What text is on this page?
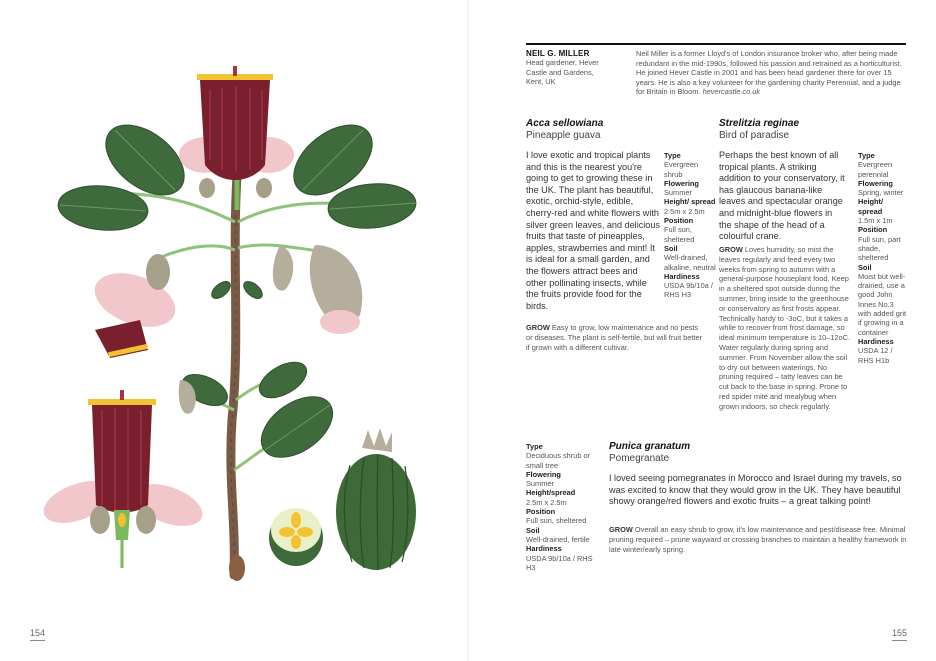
154
NEIL G. MILLER
Head gardener, Hever
Castle and Gardens,
Kent, UK
Neil Miller is a former Lloyd's of London insurance broker who, after being made redundant in the mid-1990s, followed his passion and retrained as a horticulturist. He joined Hever Castle in 2001 and has been head gardener there for over 15 years. He is also a key volunteer for the gardening charity Perennial, and a judge for Britain in Bloom. hevercastle.co.uk
Acca sellowiana
Pineapple guava
I love exotic and tropical plants and this is the nearest you're going to get to growing these in the UK. The plant has beautiful, exotic, orchid-style, edible, cherry-red and white flowers with silver green leaves, and delicious fruits that taste of pineapples, apples, strawberries and mint! It is ideal for a small garden, and the flowers attract bees and other pollinating insects, while the fruits provide food for the birds.
Type
Evergreen shrub
Flowering
Summer
Height/ spread
2.5m x 2.5m
Position
Full sun, sheltered
Soil
Well-drained, alkaline, neutral
Hardiness
USDA 9b/10a / RHS H3
GROW Easy to grow, low maintenance and no pests or diseases. The plant is self-fertile, but will fruit better if grown with a different cultivar.
Strelitzia reginae
Bird of paradise
Perhaps the best known of all tropical plants. A striking addition to your conservatory, it has glaucous banana-like leaves and spectacular orange and midnight-blue flowers in the shape of the head of a colourful crane.
GROW Loves humidity, so mist the leaves regularly and feed every two weeks from spring to autumn with a general-purpose houseplant food. Keep in a sheltered spot outside during the summer, bring inside to the greenhouse or conservatory as first frosts appear. Technically hardy to -3oC, but it takes a while to recover from frost damage, so ideal minimum temperature is 10–12oC. Water regularly during spring and summer. From November allow the soil to dry out between waterings. No pruning required – tatty leaves can be cut back to the base in spring. Prone to red spider mite and mealybug when grown indoors, so check regularly.
Type
Evergreen perennial
Flowering
Spring, winter
Height/ spread
1.5m x 1m
Position
Full sun, part shade, sheltered
Soil
Moist but well-drained, use a good John Innes No.3 with added grit if growing in a container
Hardiness
USDA 12 / RHS H1b
Type
Deciduous shrub or small tree
Flowering
Summer
Height/spread
2.5m x 2.5m
Position
Full sun, sheltered
Soil
Well-drained, fertile
Hardiness
USDA 9b/10a / RHS H3
Punica granatum
Pomegranate
I loved seeing pomegranates in Morocco and Israel during my travels, so was excited to know that they would grow in the UK. They have beautiful showy orange/red flowers and exotic fruits – a great talking point!
GROW Overall an easy shrub to grow, it's low maintenance and pest/disease free. Minimal pruning required – prune wayward or crossing branches to maintain a healthy framework in late winter/early spring.
155
